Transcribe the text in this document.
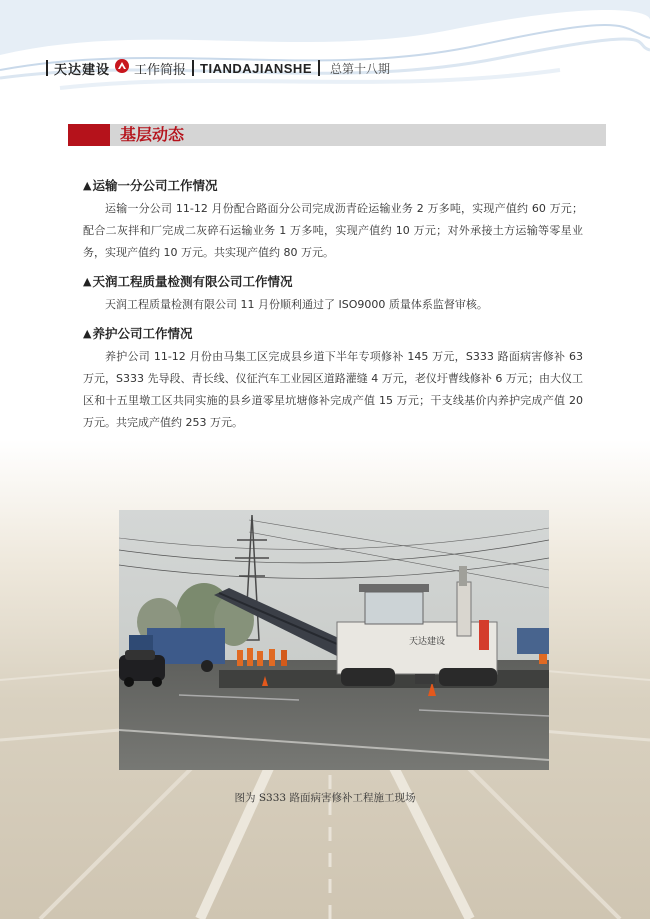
天达建设 工作简报 TIANDAJIANSHE 总第十八期
基层动态
▲ 运输一分公司工作情况

运输一分公司 11-12 月份配合路面分公司完成沥青砼运输业务 2 万多吨，实现产值约 60 万元；配合二灰拌和厂完成二灰碎石运输业务 1 万多吨，实现产值约 10 万元；对外承接土方运输等零星业务，实现产值约 10 万元。共实现产值约 80 万元。

▲ 天润工程质量检测有限公司工作情况

天润工程质量检测有限公司 11 月份顺利通过了 ISO9000 质量体系监督审核。

▲ 养护公司工作情况

养护公司 11-12 月份由马集工区完成县乡道下半年专项修补 145 万元，S333 路面病害修补 63 万元，S333 先导段、青长线、仪征汽车工业园区道路灌缝 4 万元，老仪圩曹线修补 6 万元；由大仪工区和十五里墩工区共同实施的县乡道零星坑塘修补完成产值 15 万元；干支线基价内养护完成产值 20 万元。共完成产值约 253 万元。

天达建设
图为 S333 路面病害修补工程施工现场
